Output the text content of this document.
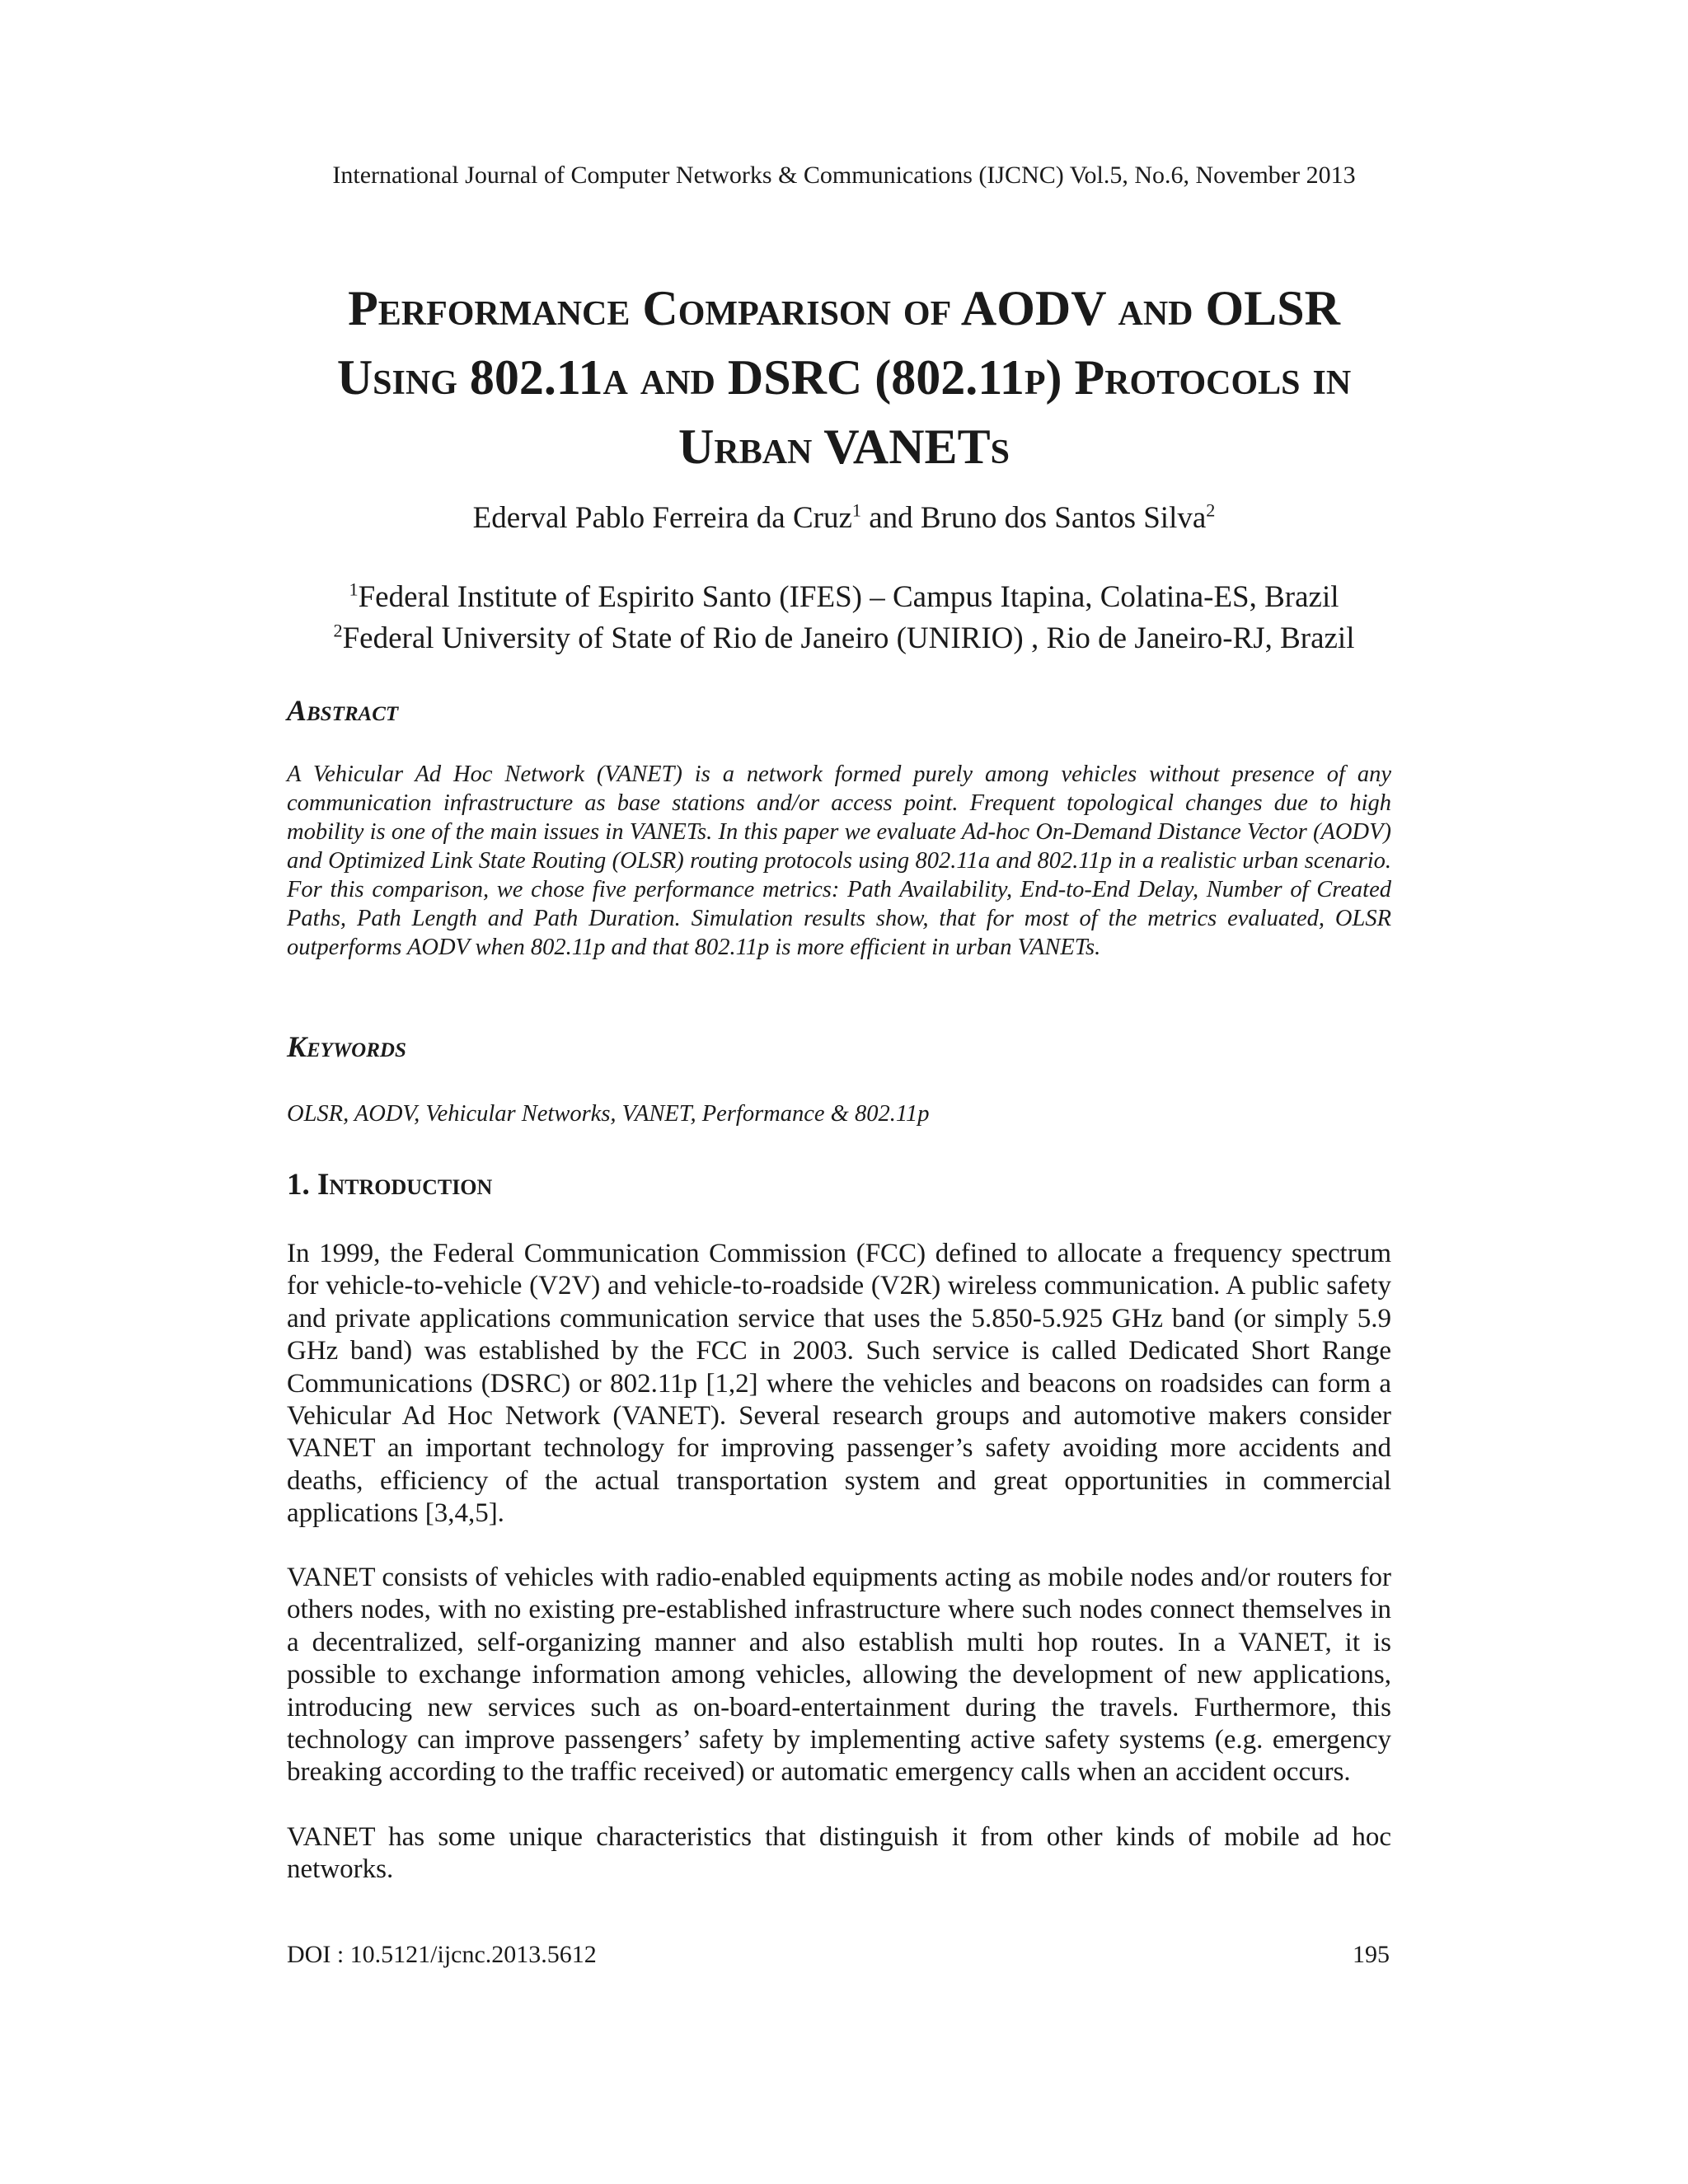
International Journal of Computer Networks & Communications (IJCNC) Vol.5, No.6, November 2013
Performance Comparison of AODV and OLSR
Using 802.11a and DSRC (802.11p) Protocols in
Urban VANETs
Ederval Pablo Ferreira da Cruz$^1$ and Bruno dos Santos Silva$^2$
$^1$Federal Institute of Espirito Santo (IFES) – Campus Itapina, Colatina-ES, Brazil
$^2$Federal University of State of Rio de Janeiro (UNIRIO) , Rio de Janeiro-RJ, Brazil
Abstract
A Vehicular Ad Hoc Network (VANET) is a network formed purely among vehicles without presence of any communication infrastructure as base stations and/or access point. Frequent topological changes due to high mobility is one of the main issues in VANETs. In this paper we evaluate Ad-hoc On-Demand Distance Vector (AODV) and Optimized Link State Routing (OLSR) routing protocols using 802.11a and 802.11p in a realistic urban scenario. For this comparison, we chose five performance metrics: Path Availability, End-to-End Delay, Number of Created Paths, Path Length and Path Duration. Simulation results show, that for most of the metrics evaluated, OLSR outperforms AODV when 802.11p and that 802.11p is more efficient in urban VANETs.
Keywords
OLSR, AODV, Vehicular Networks, VANET, Performance & 802.11p
1. Introduction

In 1999, the Federal Communication Commission (FCC) defined to allocate a frequency spectrum for vehicle-to-vehicle (V2V) and vehicle-to-roadside (V2R) wireless communication. A public safety and private applications communication service that uses the 5.850-5.925 GHz band (or simply 5.9 GHz band) was established by the FCC in 2003. Such service is called Dedicated Short Range Communications (DSRC) or 802.11p [1,2] where the vehicles and beacons on roadsides can form a Vehicular Ad Hoc Network (VANET). Several research groups and automotive makers consider VANET an important technology for improving passenger’s safety avoiding more accidents and deaths, efficiency of the actual transportation system and great opportunities in commercial applications [3,4,5].

VANET consists of vehicles with radio-enabled equipments acting as mobile nodes and/or routers for others nodes, with no existing pre-established infrastructure where such nodes connect themselves in a decentralized, self-organizing manner and also establish multi hop routes. In a VANET, it is possible to exchange information among vehicles, allowing the development of new applications, introducing new services such as on-board-entertainment during the travels. Furthermore, this technology can improve passengers’ safety by implementing active safety systems (e.g. emergency breaking according to the traffic received) or automatic emergency calls when an accident occurs.

VANET has some unique characteristics that distinguish it from other kinds of mobile ad hoc networks.

DOI : 10.5121/ijcnc.2013.5612	195
